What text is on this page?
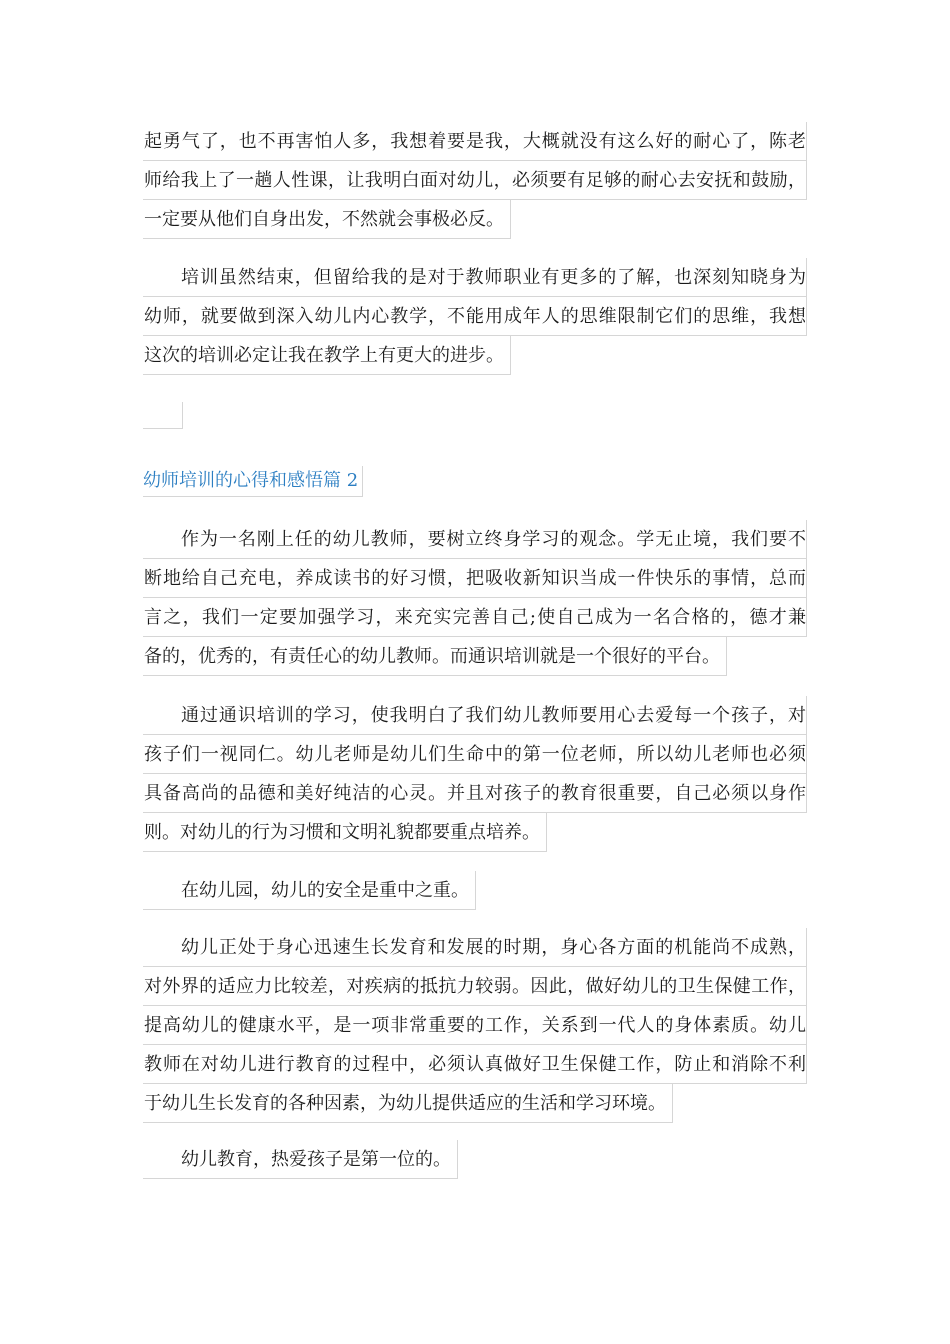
起勇气了，也不再害怕人多，我想着要是我，大概就没有这么好的耐心了，陈老
师给我上了一趟人性课，让我明白面对幼儿，必须要有足够的耐心去安抚和鼓励，
一定要从他们自身出发，不然就会事极必反。
培训虽然结束，但留给我的是对于教师职业有更多的了解，也深刻知晓身为
幼师，就要做到深入幼儿内心教学，不能用成年人的思维限制它们的思维，我想
这次的培训必定让我在教学上有更大的进步。
幼师培训的心得和感悟篇 2
作为一名刚上任的幼儿教师，要树立终身学习的观念。学无止境，我们要不
断地给自己充电，养成读书的好习惯，把吸收新知识当成一件快乐的事情，总而
言之，我们一定要加强学习，来充实完善自己;使自己成为一名合格的，德才兼
备的，优秀的，有责任心的幼儿教师。而通识培训就是一个很好的平台。
通过通识培训的学习，使我明白了我们幼儿教师要用心去爱每一个孩子，对
孩子们一视同仁。幼儿老师是幼儿们生命中的第一位老师，所以幼儿老师也必须
具备高尚的品德和美好纯洁的心灵。并且对孩子的教育很重要，自己必须以身作
则。对幼儿的行为习惯和文明礼貌都要重点培养。
在幼儿园，幼儿的安全是重中之重。
幼儿正处于身心迅速生长发育和发展的时期，身心各方面的机能尚不成熟，
对外界的适应力比较差，对疾病的抵抗力较弱。因此，做好幼儿的卫生保健工作，
提高幼儿的健康水平，是一项非常重要的工作，关系到一代人的身体素质。幼儿
教师在对幼儿进行教育的过程中，必须认真做好卫生保健工作，防止和消除不利
于幼儿生长发育的各种因素，为幼儿提供适应的生活和学习环境。
幼儿教育，热爱孩子是第一位的。
